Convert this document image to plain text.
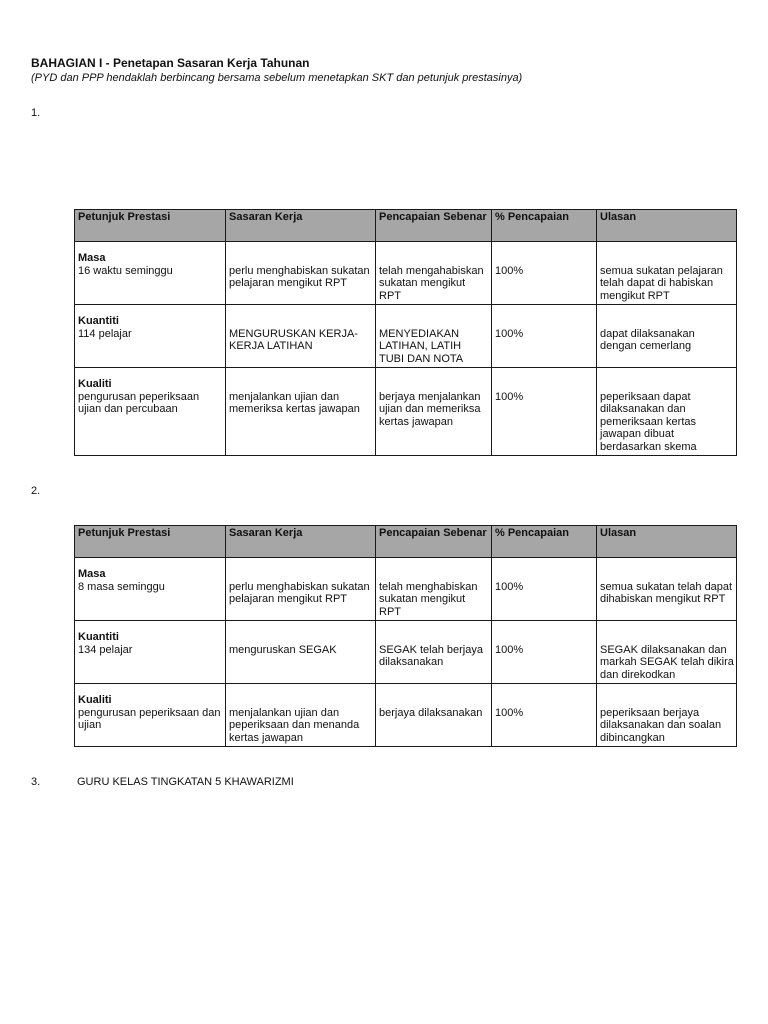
BAHAGIAN I - Penetapan Sasaran Kerja Tahunan
(PYD dan PPP hendaklah berbincang bersama sebelum menetapkan SKT dan petunjuk prestasinya)
1.
Petunjuk Prestasi	Sasaran Kerja	Pencapaian Sebenar	% Pencapaian	Ulasan

Masa
16 waktu seminggu	perlu menghabiskan sukatan pelajaran mengikut RPT	telah mengahabiskan sukatan mengikut RPT	100%	semua sukatan pelajaran telah dapat di habiskan mengikut RPT

Kuantiti
114 pelajar	MENGURUSKAN KERJA-KERJA LATIHAN	MENYEDIAKAN LATIHAN, LATIH TUBI DAN NOTA	100%	dapat dilaksanakan dengan cemerlang

Kualiti
pengurusan peperiksaan ujian dan percubaan	menjalankan ujian dan memeriksa kertas jawapan	berjaya menjalankan ujian dan memeriksa kertas jawapan	100%	peperiksaan dapat dilaksanakan dan pemeriksaan kertas jawapan dibuat berdasarkan skema
2.
Petunjuk Prestasi	Sasaran Kerja	Pencapaian Sebenar	% Pencapaian	Ulasan

Masa
8 masa seminggu	perlu menghabiskan sukatan pelajaran mengikut RPT	telah menghabiskan sukatan mengikut RPT	100%	semua sukatan telah dapat dihabiskan mengikut RPT

Kuantiti
134 pelajar	menguruskan SEGAK	SEGAK telah berjaya dilaksanakan	100%	SEGAK dilaksanakan dan markah SEGAK telah dikira dan direkodkan

Kualiti
pengurusan peperiksaan dan ujian	menjalankan ujian dan peperiksaan dan menanda kertas jawapan	berjaya dilaksanakan	100%	peperiksaan berjaya dilaksanakan dan soalan dibincangkan
3.	GURU KELAS TINGKATAN 5 KHAWARIZMI
